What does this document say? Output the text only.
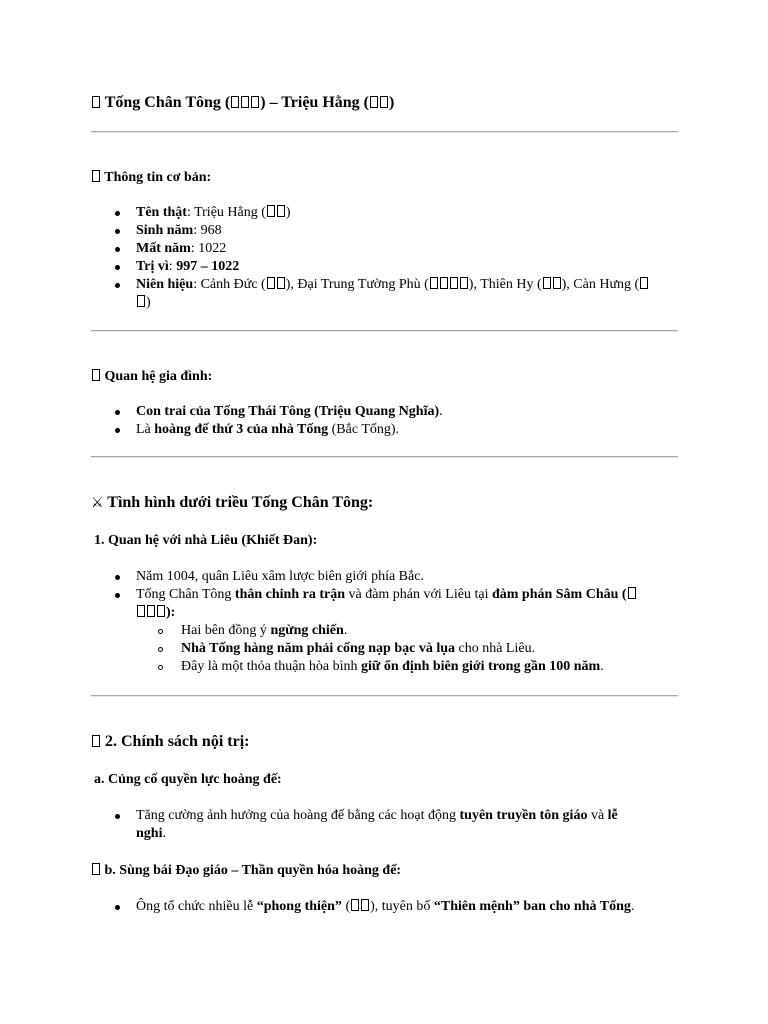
Tống Chân Tông ( ) – Triệu Hằng ( )
Thông tin cơ bản:
Tên thật: Triệu Hằng ( )
Sinh năm: 968
Mất năm: 1022
Trị vì: 997 – 1022
Niên hiệu: Cảnh Đức ( ), Đại Trung Tường Phù (	), Thiên Hy ( ), Càn Hưng (
)
Quan hệ gia đình:
Con trai của Tống Thái Tông (Triệu Quang Nghĩa).
Là hoàng đế thứ 3 của nhà Tống (Bắc Tống).
⚔ Tình hình dưới triều Tống Chân Tông:
1. Quan hệ với nhà Liêu (Khiết Đan):
Năm 1004, quân Liêu xâm lược biên giới phía Bắc.
Tống Chân Tông thân chinh ra trận và đàm phán với Liêu tại đàm phán Sâm Châu (
):
Hai bên đồng ý ngừng chiến.
Nhà Tống hàng năm phải cống nạp bạc và lụa cho nhà Liêu.
Đây là một thỏa thuận hòa bình giữ ổn định biên giới trong gần 100 năm.
2. Chính sách nội trị:
a. Củng cố quyền lực hoàng đế:
Tăng cường ảnh hưởng của hoàng đế bằng các hoạt động tuyên truyền tôn giáo và lễ
nghi.
b. Sùng bái Đạo giáo – Thần quyền hóa hoàng đế:
Ông tổ chức nhiều lễ “phong thiện” ( ), tuyên bố “Thiên mệnh” ban cho nhà Tống.
